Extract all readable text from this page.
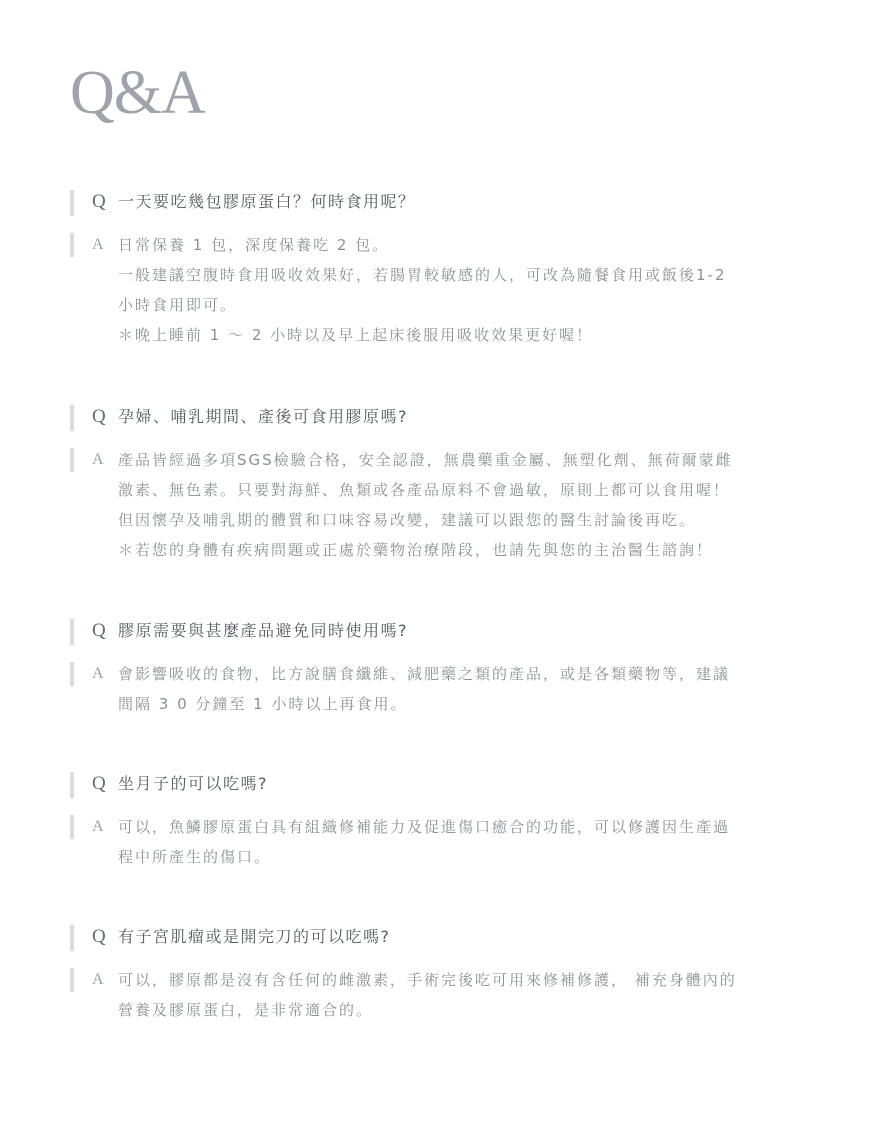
Q&A
Q 一天要吃幾包膠原蛋白？何時食用呢？
A 日常保養 1 包，深度保養吃 2 包。
一般建議空腹時食用吸收效果好，若腸胃較敏感的人，可改為隨餐食用或飯後1-2
小時食用即可。
＊晚上睡前 1 〜 2 小時以及早上起床後服用吸收效果更好喔！
Q 孕婦、哺乳期間、產後可食用膠原嗎?
A 產品皆經過多項SGS檢驗合格，安全認證，無農藥重金屬、無塑化劑、無荷爾蒙雌
激素、無色素。只要對海鮮、魚類或各產品原料不會過敏，原則上都可以食用喔！
但因懷孕及哺乳期的體質和口味容易改變，建議可以跟您的醫生討論後再吃。
＊若您的身體有疾病問題或正處於藥物治療階段，也請先與您的主治醫生諮詢！
Q 膠原需要與甚麼產品避免同時使用嗎?
A 會影響吸收的食物，比方說膳食纖維、減肥藥之類的產品，或是各類藥物等，建議
間隔 3 0 分鐘至 1 小時以上再食用。
Q 坐月子的可以吃嗎?
A 可以，魚鱗膠原蛋白具有組織修補能力及促進傷口癒合的功能，可以修護因生產過
程中所產生的傷口。
Q 有子宮肌瘤或是開完刀的可以吃嗎?
A 可以，膠原都是沒有含任何的雌激素，手術完後吃可用來修補修護， 補充身體內的
營養及膠原蛋白，是非常適合的。
